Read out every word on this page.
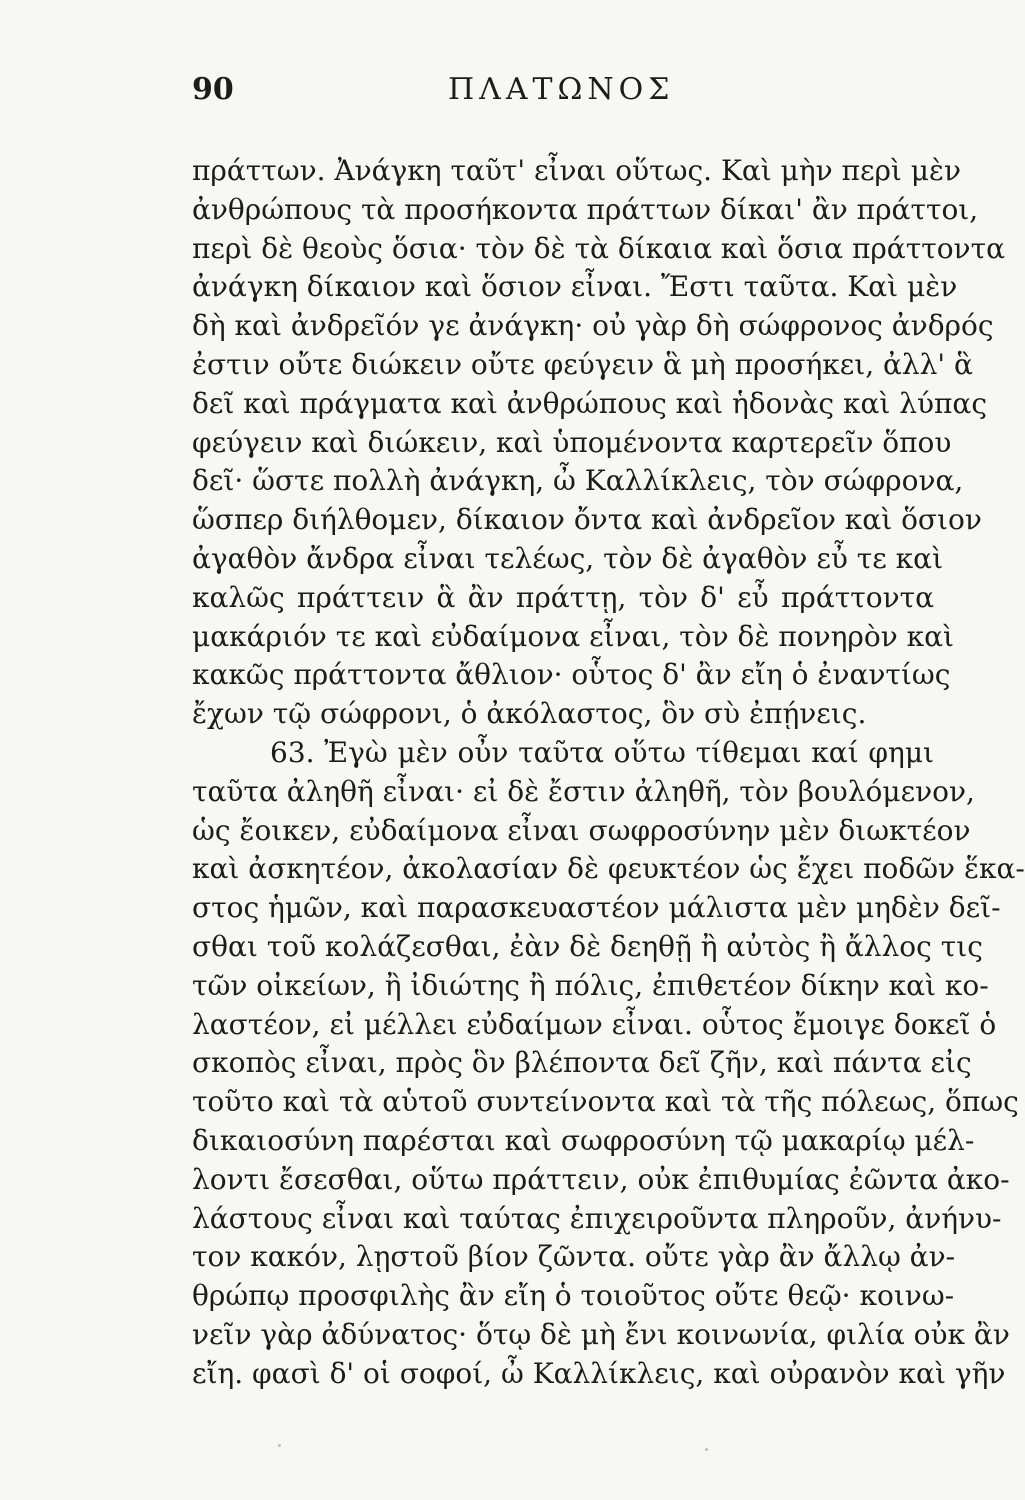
90	ΠΛΑΤΩΝΟΣ
πράττων. Ἀνάγκη ταῦτ' εἶναι οὕτως. Καὶ μὴν περὶ μὲν
ἀνθρώπους τὰ προσήκοντα πράττων δίκαι' ἂν πράττοι,
περὶ δὲ θεοὺς ὅσια· τὸν δὲ τὰ δίκαια καὶ ὅσια πράττοντα
ἀνάγκη δίκαιον καὶ ὅσιον εἶναι. Ἔστι ταῦτα. Καὶ μὲν
δὴ καὶ ἀνδρεῖόν γε ἀνάγκη· οὐ γὰρ δὴ σώφρονος ἀνδρός
ἐστιν οὔτε διώκειν οὔτε φεύγειν ἃ μὴ προσήκει, ἀλλ' ἃ
δεῖ καὶ πράγματα καὶ ἀνθρώπους καὶ ἡδονὰς καὶ λύπας
φεύγειν καὶ διώκειν, καὶ ὑπομένοντα καρτερεῖν ὅπου
δεῖ· ὥστε πολλὴ ἀνάγκη, ὦ Καλλίκλεις, τὸν σώφρονα,
ὥσπερ διήλθομεν, δίκαιον ὄντα καὶ ἀνδρεῖον καὶ ὅσιον
ἀγαθὸν ἄνδρα εἶναι τελέως, τὸν δὲ ἀγαθὸν εὖ τε καὶ
καλῶς πράττειν ἃ ἂν πράττῃ, τὸν δ' εὖ πράττοντα
μακάριόν τε καὶ εὐδαίμονα εἶναι, τὸν δὲ πονηρὸν καὶ
κακῶς πράττοντα ἄθλιον· οὗτος δ' ἂν εἴη ὁ ἐναντίως
ἔχων τῷ σώφρονι, ὁ ἀκόλαστος, ὃν σὺ ἐπῄνεις.
63. Ἐγὼ μὲν οὖν ταῦτα οὕτω τίθεμαι καί φημι
ταῦτα ἀληθῆ εἶναι· εἰ δὲ ἔστιν ἀληθῆ, τὸν βουλόμενον,
ὡς ἔοικεν, εὐδαίμονα εἶναι σωφροσύνην μὲν διωκτέον
καὶ ἀσκητέον, ἀκολασίαν δὲ φευκτέον ὡς ἔχει ποδῶν ἕκα-
στος ἡμῶν, καὶ παρασκευαστέον μάλιστα μὲν μηδὲν δεῖ-
σθαι τοῦ κολάζεσθαι, ἐὰν δὲ δεηθῇ ἢ αὐτὸς ἢ ἄλλος τις
τῶν οἰκείων, ἢ ἰδιώτης ἢ πόλις, ἐπιθετέον δίκην καὶ κο-
λαστέον, εἰ μέλλει εὐδαίμων εἶναι. οὗτος ἔμοιγε δοκεῖ ὁ
σκοπὸς εἶναι, πρὸς ὃν βλέποντα δεῖ ζῆν, καὶ πάντα εἰς
τοῦτο καὶ τὰ αὑτοῦ συντείνοντα καὶ τὰ τῆς πόλεως, ὅπως
δικαιοσύνη παρέσται καὶ σωφροσύνη τῷ μακαρίῳ μέλ-
λοντι ἔσεσθαι, οὕτω πράττειν, οὐκ ἐπιθυμίας ἐῶντα ἀκο-
λάστους εἶναι καὶ ταύτας ἐπιχειροῦντα πληροῦν, ἀνήνυ-
τον κακόν, λῃστοῦ βίον ζῶντα. οὔτε γὰρ ἂν ἄλλῳ ἀν-
θρώπῳ προσφιλὴς ἂν εἴη ὁ τοιοῦτος οὔτε θεῷ· κοινω-
νεῖν γὰρ ἀδύνατος· ὅτῳ δὲ μὴ ἔνι κοινωνία, φιλία οὐκ ἂν
εἴη. φασὶ δ' οἱ σοφοί, ὦ Καλλίκλεις, καὶ οὐρανὸν καὶ γῆν
